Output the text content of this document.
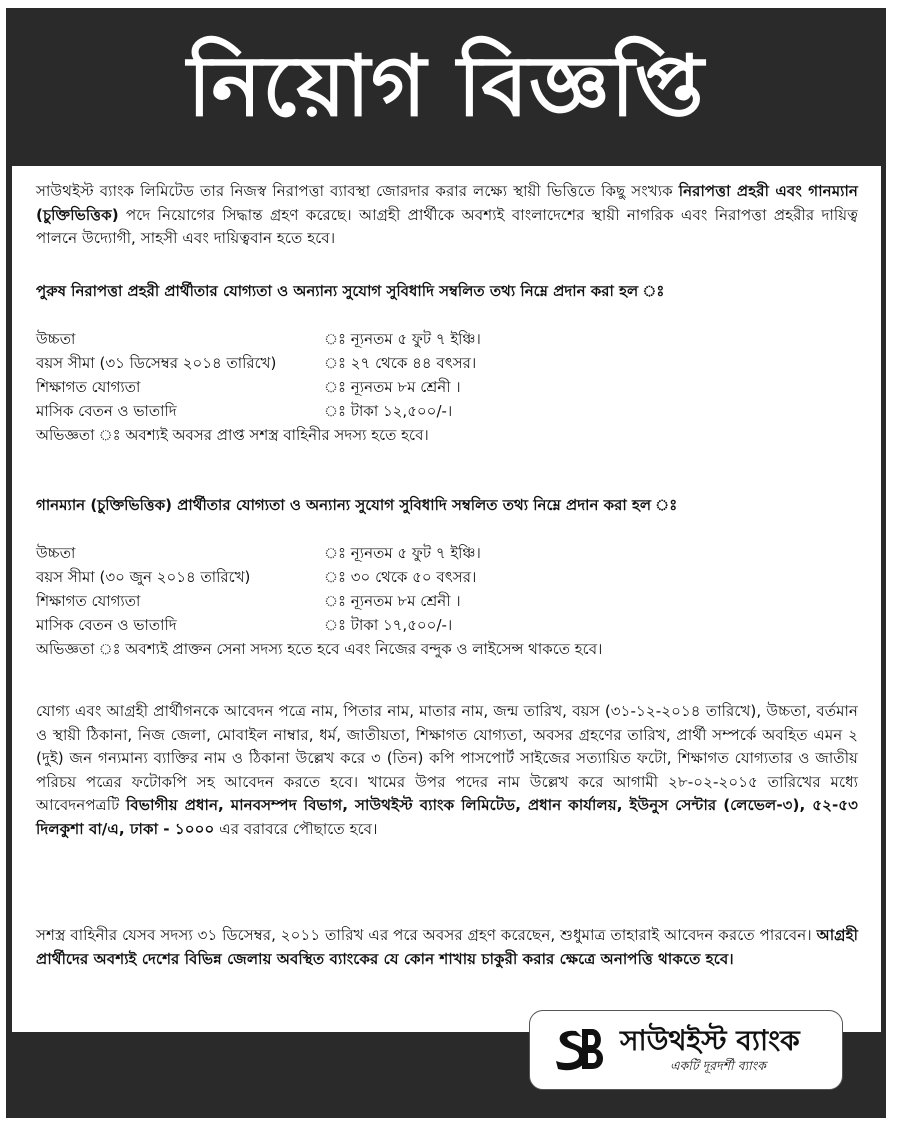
নিয়োগ বিজ্ঞপ্তি

সাউথইস্ট ব্যাংক লিমিটেড তার নিজস্ব নিরাপত্তা ব্যাবস্থা জোরদার করার লক্ষ্যে স্থায়ী ভিত্তিতে কিছু সংখ্যক নিরাপত্তা প্রহরী এবং গানম্যান (চুক্তিভিত্তিক) পদে নিয়োগের সিদ্ধান্ত গ্রহণ করেছে। আগ্রহী প্রার্থীকে অবশ্যই বাংলাদেশের স্থায়ী নাগরিক এবং নিরাপত্তা প্রহরীর দায়িত্ব পালনে উদ্যোগী, সাহসী এবং দায়িত্ববান হতে হবে।

পুরুষ নিরাপত্তা প্রহরী প্রার্থীতার যোগ্যতা ও অন্যান্য সুযোগ সুবিধাদি সম্বলিত তথ্য নিম্নে প্রদান করা হল ঃ
উচ্চতা	ঃ ন্যূনতম ৫ ফুট ৭ ইঞ্চি।
বয়স সীমা (৩১ ডিসেম্বর ২০১৪ তারিখে)	ঃ ২৭ থেকে ৪৪ বৎসর।
শিক্ষাগত যোগ্যতা	ঃ ন্যূনতম ৮ম শ্রেনী ।
মাসিক বেতন ও ভাতাদি	ঃ টাকা ১২,৫০০/-।
অভিজ্ঞতা ঃ অবশ্যই অবসর প্রাপ্ত সশস্ত্র বাহিনীর সদস্য হতে হবে।
গানম্যান (চুক্তিভিত্তিক) প্রার্থীতার যোগ্যতা ও অন্যান্য সুযোগ সুবিধাদি সম্বলিত তথ্য নিম্নে প্রদান করা হল ঃ
উচ্চতা	ঃ ন্যূনতম ৫ ফুট ৭ ইঞ্চি।
বয়স সীমা (৩০ জুন ২০১৪ তারিখে)	ঃ ৩০ থেকে ৫০ বৎসর।
শিক্ষাগত যোগ্যতা	ঃ ন্যূনতম ৮ম শ্রেনী ।
মাসিক বেতন ও ভাতাদি	ঃ টাকা ১৭,৫০০/-।
অভিজ্ঞতা ঃ অবশ্যই প্রাক্তন সেনা সদস্য হতে হবে এবং নিজের বন্দুক ও লাইসেন্স থাকতে হবে।

যোগ্য এবং আগ্রহী প্রার্থীগনকে আবেদন পত্রে নাম, পিতার নাম, মাতার নাম, জন্ম তারিখ, বয়স (৩১-১২-২০১৪ তারিখে), উচ্চতা, বর্তমান ও স্থায়ী ঠিকানা, নিজ জেলা, মোবাইল নাম্বার, ধর্ম, জাতীয়তা, শিক্ষাগত যোগ্যতা, অবসর গ্রহণের তারিখ, প্রার্থী সম্পর্কে অবহিত এমন ২ (দুই) জন গন্যমান্য ব্যাক্তির নাম ও ঠিকানা উল্লেখ করে ৩ (তিন) কপি পাসপোর্ট সাইজের সত্যায়িত ফটো, শিক্ষাগত যোগ্যতার ও জাতীয় পরিচয় পত্রের ফটোকপি সহ আবেদন করতে হবে। খামের উপর পদের নাম উল্লেখ করে আগামী ২৮-০২-২০১৫ তারিখের মধ্যে আবেদনপত্রটি বিভাগীয় প্রধান, মানবসম্পদ বিভাগ, সাউথইস্ট ব্যাংক লিমিটেড, প্রধান কার্যালয়, ইউনুস সেন্টার (লেভেল-৩), ৫২-৫৩ দিলকুশা বা/এ, ঢাকা - ১০০০ এর বরাবরে পৌছাতে হবে।

সশস্ত্র বাহিনীর যেসব সদস্য ৩১ ডিসেম্বর, ২০১১ তারিখ এর পরে অবসর গ্রহণ করেছেন, শুধুমাত্র তাহারাই আবেদন করতে পারবেন। আগ্রহী প্রার্থীদের অবশ্যই দেশের বিভিন্ন জেলায় অবস্থিত ব্যাংকের যে কোন শাখায় চাকুরী করার ক্ষেত্রে অনাপত্তি থাকতে হবে।

সাউথইস্ট ব্যাংক
একটি দূরদর্শী ব্যাংক
